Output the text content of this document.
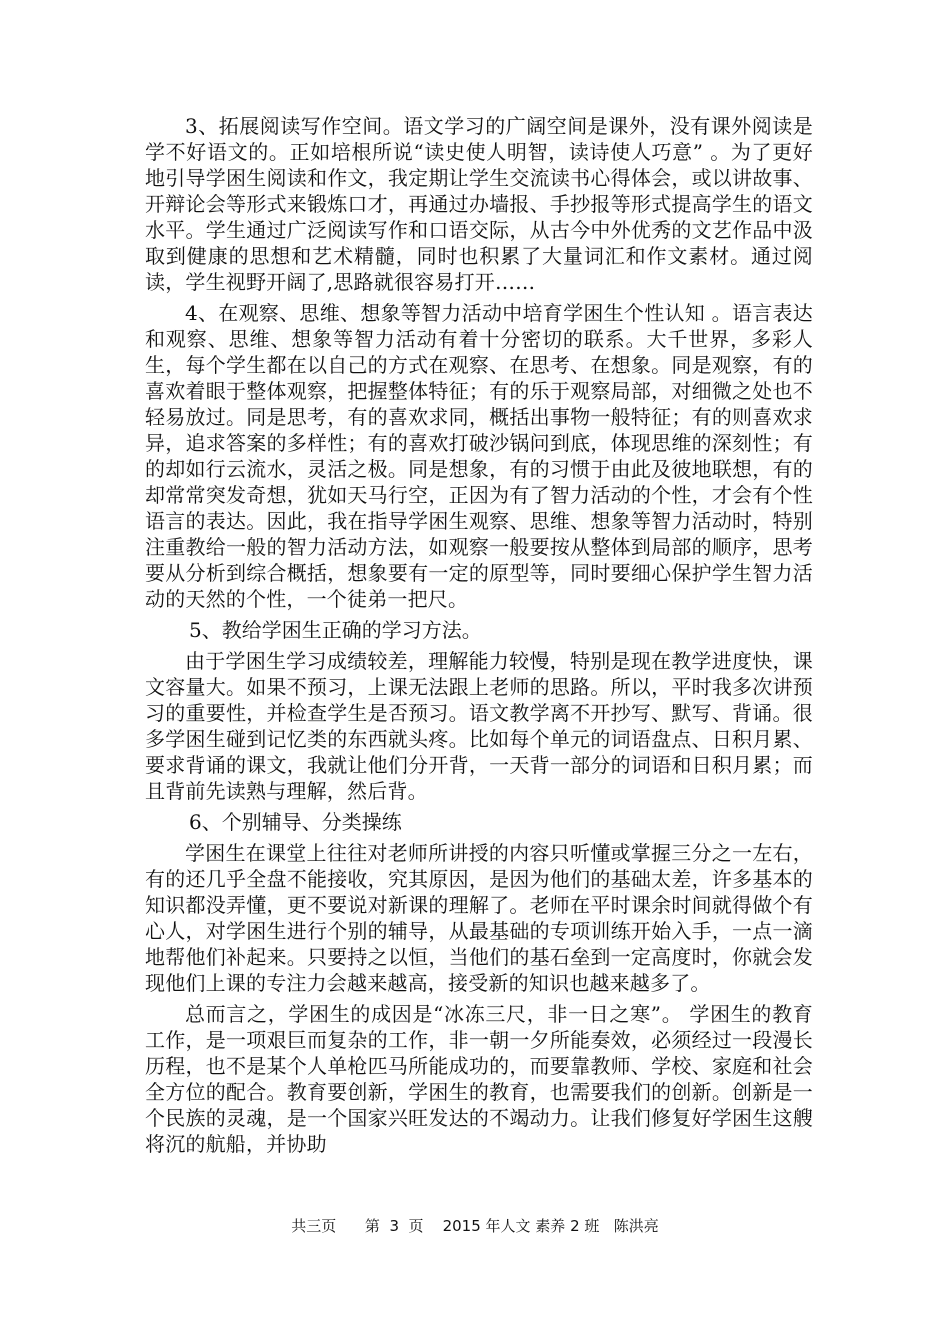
3、拓展阅读写作空间。语文学习的广阔空间是课外，没有课外阅读是学不好语文的。正如培根所说“读史使人明智，读诗使人巧意” 。为了更好地引导学困生阅读和作文，我定期让学生交流读书心得体会，或以讲故事、开辩论会等形式来锻炼口才，再通过办墙报、手抄报等形式提高学生的语文水平。学生通过广泛阅读写作和口语交际，从古今中外优秀的文艺作品中汲取到健康的思想和艺术精髓，同时也积累了大量词汇和作文素材。通过阅读，学生视野开阔了,思路就很容易打开……

4、在观察、思维、想象等智力活动中培育学困生个性认知 。语言表达和观察、思维、想象等智力活动有着十分密切的联系。大千世界，多彩人生，每个学生都在以自己的方式在观察、在思考、在想象。同是观察，有的喜欢着眼于整体观察，把握整体特征；有的乐于观察局部，对细微之处也不轻易放过。同是思考，有的喜欢求同，概括出事物一般特征；有的则喜欢求异，追求答案的多样性；有的喜欢打破沙锅问到底，体现思维的深刻性；有的却如行云流水，灵活之极。同是想象，有的习惯于由此及彼地联想，有的却常常突发奇想，犹如天马行空，正因为有了智力活动的个性，才会有个性语言的表达。因此，我在指导学困生观察、思维、想象等智力活动时，特别注重教给一般的智力活动方法，如观察一般要按从整体到局部的顺序，思考要从分析到综合概括，想象要有一定的原型等，同时要细心保护学生智力活动的天然的个性，一个徒弟一把尺。

5、教给学困生正确的学习方法。

由于学困生学习成绩较差，理解能力较慢，特别是现在教学进度快，课文容量大。如果不预习，上课无法跟上老师的思路。所以，平时我多次讲预习的重要性，并检查学生是否预习。语文教学离不开抄写、默写、背诵。很多学困生碰到记忆类的东西就头疼。比如每个单元的词语盘点、日积月累、要求背诵的课文，我就让他们分开背，一天背一部分的词语和日积月累；而且背前先读熟与理解，然后背。

6、个别辅导、分类操练

学困生在课堂上往往对老师所讲授的内容只听懂或掌握三分之一左右，有的还几乎全盘不能接收，究其原因，是因为他们的基础太差，许多基本的知识都没弄懂，更不要说对新课的理解了。老师在平时课余时间就得做个有心人，对学困生进行个别的辅导，从最基础的专项训练开始入手，一点一滴地帮他们补起来。只要持之以恒，当他们的基石垒到一定高度时，你就会发现他们上课的专注力会越来越高，接受新的知识也越来越多了。

总而言之，学困生的成因是“冰冻三尺，非一日之寒”。 学困生的教育工作，是一项艰巨而复杂的工作，非一朝一夕所能奏效，必须经过一段漫长历程，也不是某个人单枪匹马所能成功的，而要靠教师、学校、家庭和社会全方位的配合。教育要创新，学困生的教育，也需要我们的创新。创新是一个民族的灵魂，是一个国家兴旺发达的不竭动力。让我们修复好学困生这艘将沉的航船，并协助

共三页      第  3  页    2015 年人文 素养 2 班   陈洪亮
